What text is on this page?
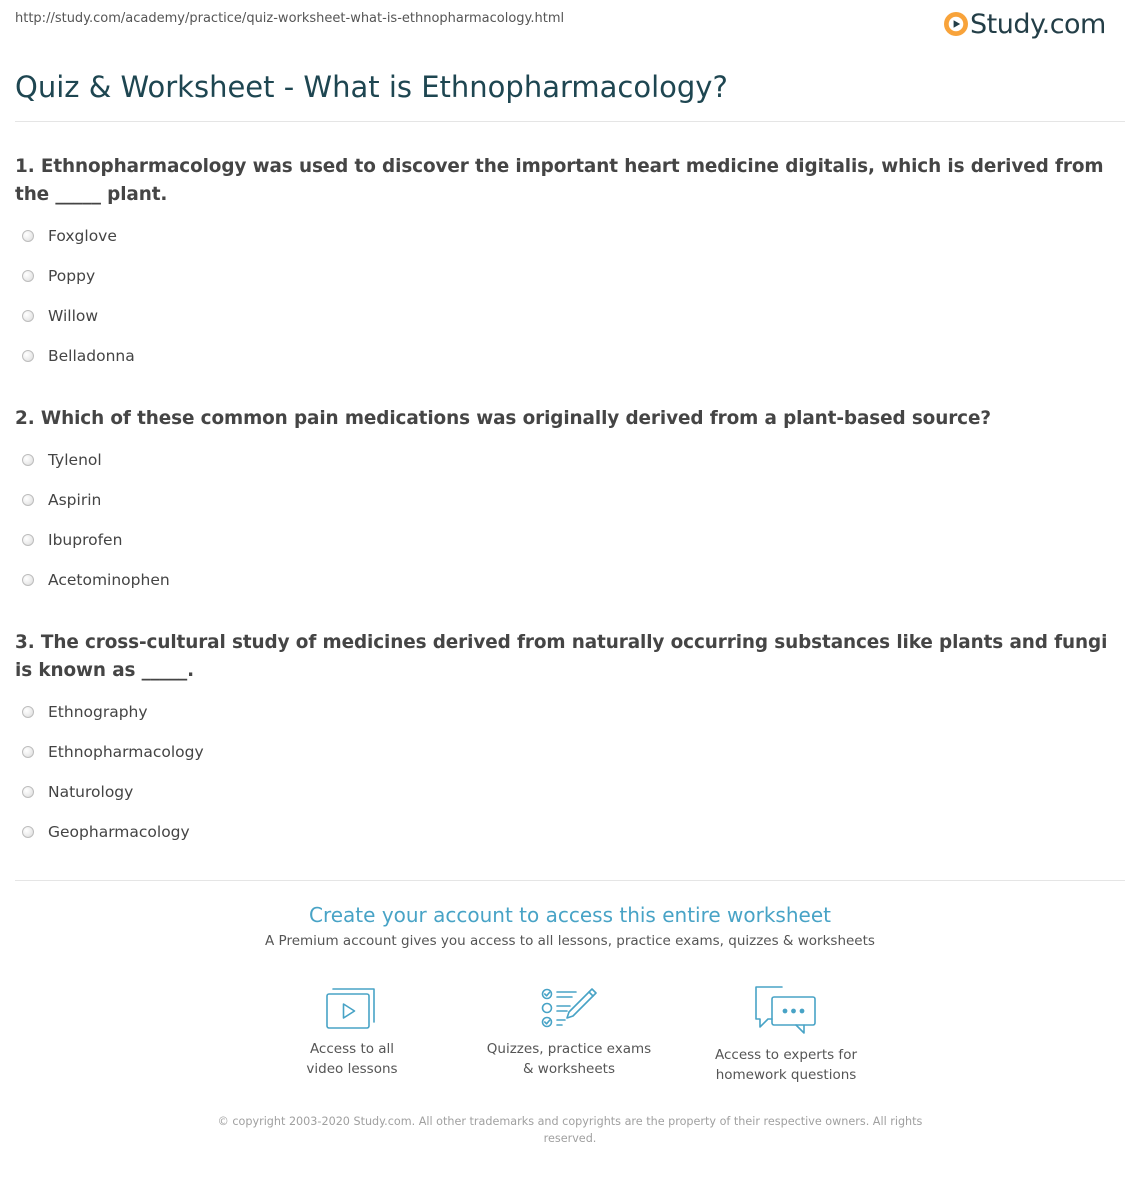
http://study.com/academy/practice/quiz-worksheet-what-is-ethnopharmacology.html	Study.com
Quiz & Worksheet - What is Ethnopharmacology?

1. Ethnopharmacology was used to discover the important heart medicine digitalis, which is derived from the _____ plant.

Foxglove
Poppy
Willow
Belladonna

2. Which of these common pain medications was originally derived from a plant-based source?

Tylenol
Aspirin
Ibuprofen
Acetominophen

3. The cross-cultural study of medicines derived from naturally occurring substances like plants and fungi is known as _____.

Ethnography
Ethnopharmacology
Naturology
Geopharmacology
Create your account to access this entire worksheet
A Premium account gives you access to all lessons, practice exams, quizzes & worksheets
Access to all
video lessons
Quizzes, practice exams
& worksheets
Access to experts for
homework questions
© copyright 2003-2020 Study.com. All other trademarks and copyrights are the property of their respective owners. All rights reserved.
